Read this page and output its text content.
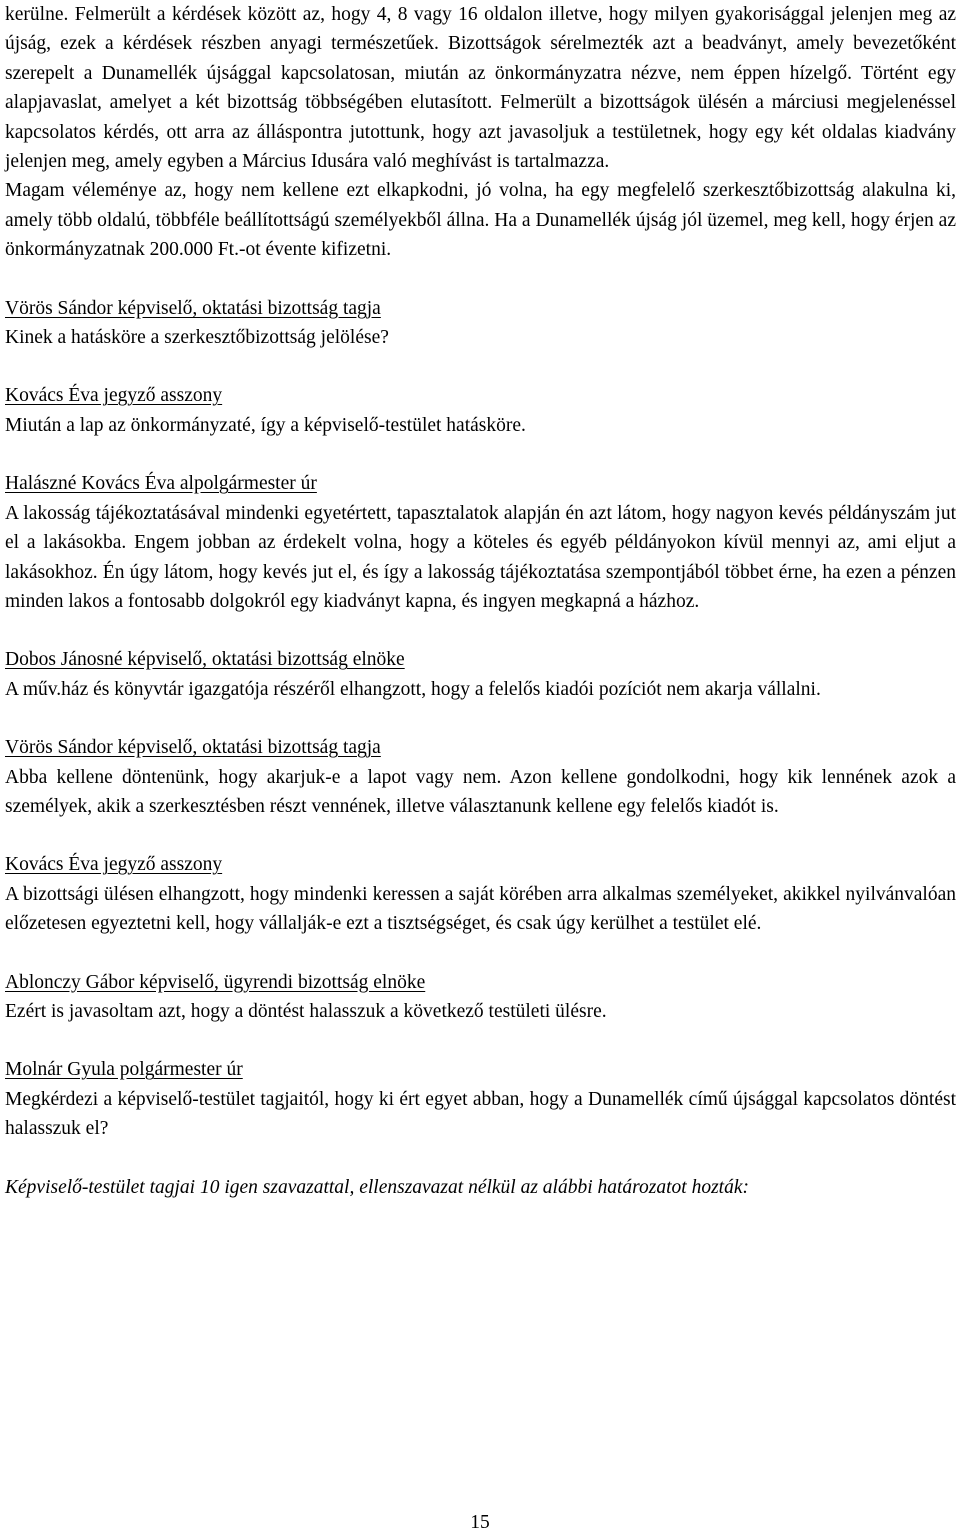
kerülne. Felmerült a kérdések között az, hogy 4, 8 vagy 16 oldalon illetve, hogy milyen gyakorisággal jelenjen meg az újság, ezek a kérdések részben anyagi természetűek. Bizottságok sérelmezték azt a beadványt, amely bevezetőként szerepelt a Dunamellék újsággal kapcsolatosan, miután az önkormányzatra nézve, nem éppen hízelgő. Történt egy alapjavaslat, amelyet a két bizottság többségében elutasított. Felmerült a bizottságok ülésén a márciusi megjelenéssel kapcsolatos kérdés, ott arra az álláspontra jutottunk, hogy azt javasoljuk a testületnek, hogy egy két oldalas kiadvány jelenjen meg, amely egyben a Március Idusára való meghívást is tartalmazza.

Magam véleménye az, hogy nem kellene ezt elkapkodni, jó volna, ha egy megfelelő szerkesztőbizottság alakulna ki, amely több oldalú, többféle beállítottságú személyekből állna. Ha a Dunamellék újság jól üzemel, meg kell, hogy érjen az önkormányzatnak 200.000 Ft.-ot évente kifizetni.

Vörös Sándor képviselő, oktatási bizottság tagja

Kinek a hatásköre a szerkesztőbizottság jelölése?

Kovács Éva jegyző asszony

Miután a lap az önkormányzaté, így a képviselő-testület hatásköre.

Halászné Kovács Éva alpolgármester úr

A lakosság tájékoztatásával mindenki egyetértett, tapasztalatok alapján én azt látom, hogy nagyon kevés példányszám jut el a lakásokba. Engem jobban az érdekelt volna, hogy a köteles és egyéb példányokon kívül mennyi az, ami eljut a lakásokhoz. Én úgy látom, hogy kevés jut el, és így a lakosság tájékoztatása szempontjából többet érne, ha ezen a pénzen minden lakos a fontosabb dolgokról egy kiadványt kapna, és ingyen megkapná a házhoz.

Dobos Jánosné képviselő, oktatási bizottság elnöke

A műv.ház és könyvtár igazgatója részéről elhangzott, hogy a felelős kiadói pozíciót nem akarja vállalni.

Vörös Sándor képviselő, oktatási bizottság tagja

Abba kellene döntenünk, hogy akarjuk-e a lapot vagy nem. Azon kellene gondolkodni, hogy kik lennének azok a személyek, akik a szerkesztésben részt vennének, illetve választanunk kellene egy felelős kiadót is.

Kovács Éva jegyző asszony

A bizottsági ülésen elhangzott, hogy mindenki keressen a saját körében arra alkalmas személyeket, akikkel nyilvánvalóan előzetesen egyeztetni kell, hogy vállalják-e ezt a tisztségséget, és csak úgy kerülhet a testület elé.

Ablonczy Gábor képviselő, ügyrendi bizottság elnöke

Ezért is javasoltam azt, hogy a döntést halasszuk a következő testületi ülésre.

Molnár Gyula polgármester úr

Megkérdezi a képviselő-testület tagjaitól, hogy ki ért egyet abban, hogy a Dunamellék című újsággal kapcsolatos döntést halasszuk el?

Képviselő-testület tagjai 10 igen szavazattal, ellenszavazat nélkül az alábbi határozatot hozták:

15
